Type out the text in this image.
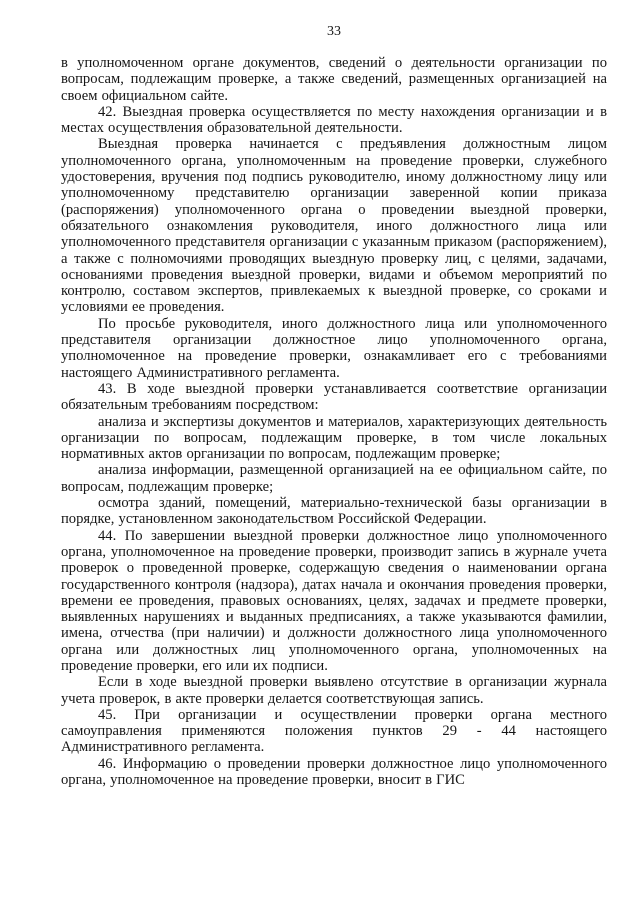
33

в уполномоченном органе документов, сведений о деятельности организации по вопросам, подлежащим проверке, а также сведений, размещенных организацией на своем официальном сайте.

42. Выездная проверка осуществляется по месту нахождения организации и в местах осуществления образовательной деятельности.

Выездная проверка начинается с предъявления должностным лицом уполномоченного органа, уполномоченным на проведение проверки, служебного удостоверения, вручения под подпись руководителю, иному должностному лицу или уполномоченному представителю организации заверенной копии приказа (распоряжения) уполномоченного органа о проведении выездной проверки, обязательного ознакомления руководителя, иного должностного лица или уполномоченного представителя организации с указанным приказом (распоряжением), а также с полномочиями проводящих выездную проверку лиц, с целями, задачами, основаниями проведения выездной проверки, видами и объемом мероприятий по контролю, составом экспертов, привлекаемых к выездной проверке, со сроками и условиями ее проведения.

По просьбе руководителя, иного должностного лица или уполномоченного представителя организации должностное лицо уполномоченного органа, уполномоченное на проведение проверки, ознакамливает его с требованиями настоящего Административного регламента.

43. В ходе выездной проверки устанавливается соответствие организации обязательным требованиям посредством:

анализа и экспертизы документов и материалов, характеризующих деятельность организации по вопросам, подлежащим проверке, в том числе локальных нормативных актов организации по вопросам, подлежащим проверке;

анализа информации, размещенной организацией на ее официальном сайте, по вопросам, подлежащим проверке;

осмотра зданий, помещений, материально-технической базы организации в порядке, установленном законодательством Российской Федерации.

44. По завершении выездной проверки должностное лицо уполномоченного органа, уполномоченное на проведение проверки, производит запись в журнале учета проверок о проведенной проверке, содержащую сведения о наименовании органа государственного контроля (надзора), датах начала и окончания проведения проверки, времени ее проведения, правовых основаниях, целях, задачах и предмете проверки, выявленных нарушениях и выданных предписаниях, а также указываются фамилии, имена, отчества (при наличии) и должности должностного лица уполномоченного органа или должностных лиц уполномоченного органа, уполномоченных на проведение проверки, его или их подписи.

Если в ходе выездной проверки выявлено отсутствие в организации журнала учета проверок, в акте проверки делается соответствующая запись.

45. При организации и осуществлении проверки органа местного самоуправления применяются положения пунктов 29 - 44 настоящего Административного регламента.

46. Информацию о проведении проверки должностное лицо уполномоченного органа, уполномоченное на проведение проверки, вносит в ГИС
